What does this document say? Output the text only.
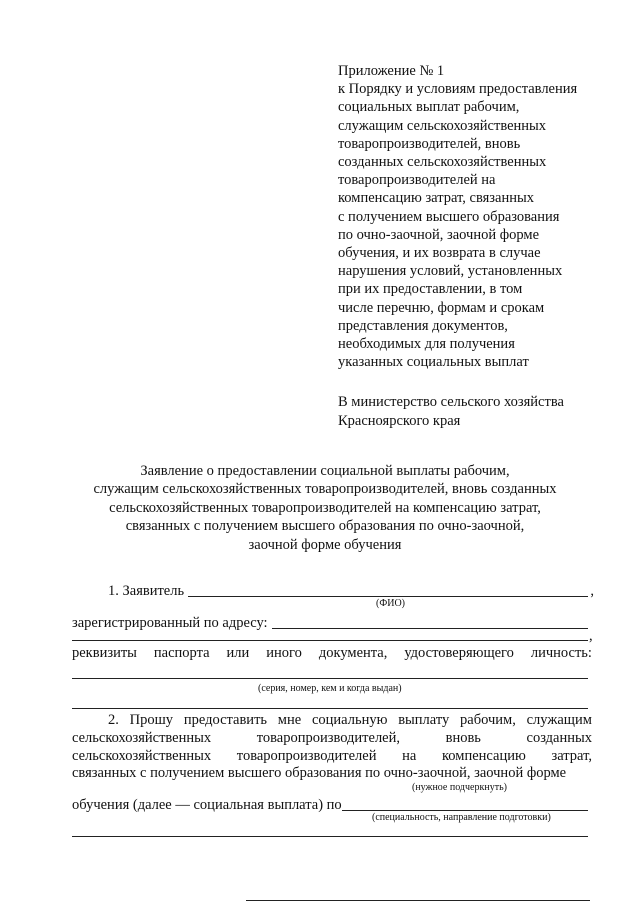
Приложение № 1
к Порядку и условиям предоставления
социальных выплат рабочим,
служащим сельскохозяйственных
товаропроизводителей, вновь
созданных сельскохозяйственных
товаропроизводителей на
компенсацию затрат, связанных
с получением высшего образования
по очно-заочной, заочной форме
обучения, и их возврата в случае
нарушения условий, установленных
при их предоставлении, в том
числе перечню, формам и срокам
представления документов,
необходимых для получения
указанных социальных выплат
В министерство сельского хозяйства
Красноярского края
Заявление о предоставлении социальной выплаты рабочим,
служащим сельскохозяйственных товаропроизводителей, вновь созданных
сельскохозяйственных товаропроизводителей на компенсацию затрат,
связанных с получением высшего образования по очно-заочной,
заочной форме обучения
1. Заявитель	,
(ФИО)
зарегистрированный по адресу:
,
реквизиты паспорта или иного документа, удостоверяющего личность:
(серия, номер, кем и когда выдан)
2. Прошу предоставить мне социальную выплату рабочим, служащим
сельскохозяйственных	товаропроизводителей,	вновь	созданных
сельскохозяйственных товаропроизводителей на компенсацию затрат,
связанных с получением высшего образования по очно-заочной, заочной форме
(нужное подчеркнуть)
обучения (далее — социальная выплата) по
(специальность, направление подготовки)
